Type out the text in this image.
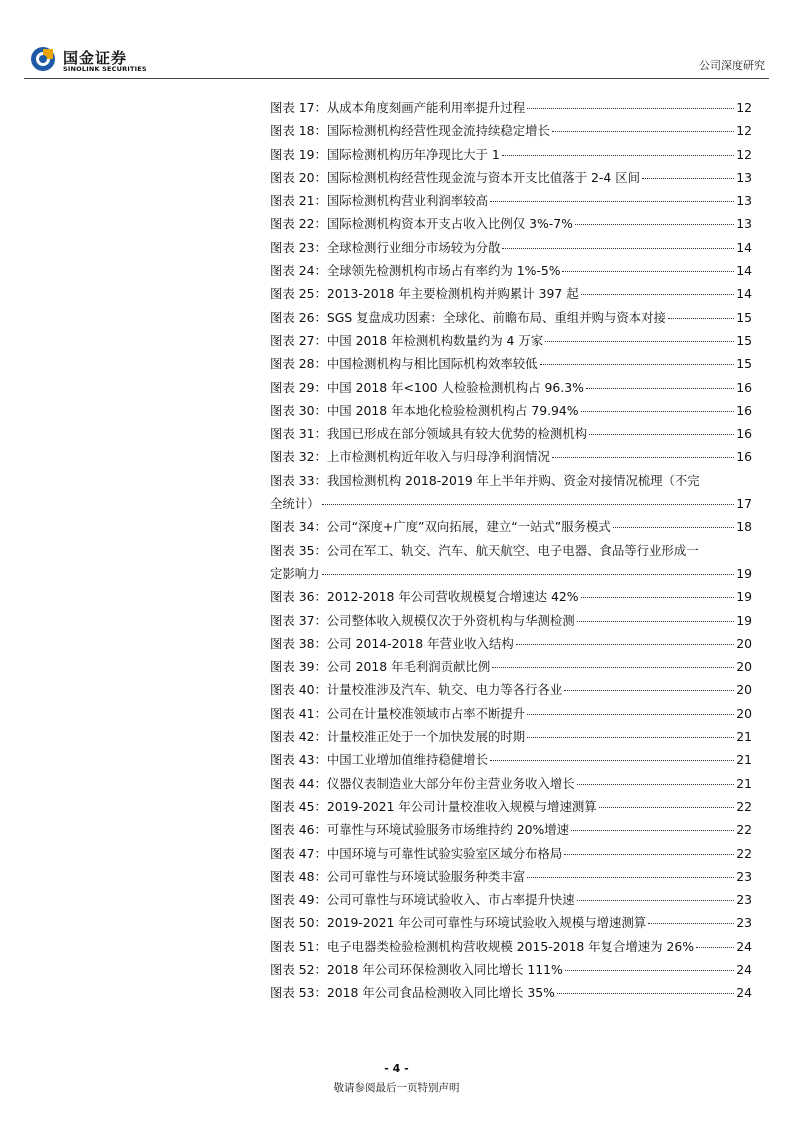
国金证券
SINOLINK SECURITIES	公司深度研究
图表 17： 从成本角度刻画产能利用率提升过程	12
图表 18： 国际检测机构经营性现金流持续稳定增长	12
图表 19： 国际检测机构历年净现比大于 1	12
图表 20： 国际检测机构经营性现金流与资本开支比值落于 2-4 区间	13
图表 21： 国际检测机构营业利润率较高	13
图表 22： 国际检测机构资本开支占收入比例仅 3%-7%	13
图表 23： 全球检测行业细分市场较为分散	14
图表 24： 全球领先检测机构市场占有率约为 1%-5%	14
图表 25： 2013-2018 年主要检测机构并购累计 397 起	14
图表 26： SGS 复盘成功因素：全球化、前瞻布局、重组并购与资本对接	15
图表 27： 中国 2018 年检测机构数量约为 4 万家	15
图表 28： 中国检测机构与相比国际机构效率较低	15
图表 29： 中国 2018 年<100 人检验检测机构占 96.3%	16
图表 30： 中国 2018 年本地化检验检测机构占 79.94%	16
图表 31： 我国已形成在部分领域具有较大优势的检测机构	16
图表 32： 上市检测机构近年收入与归母净利润情况	16
图表 33：我国检测机构 2018-2019 年上半年并购、资金对接情况梳理（不完
全统计）	17
图表 34： 公司“深度+广度”双向拓展，建立“一站式”服务模式	18
图表 35：公司在军工、轨交、汽车、航天航空、电子电器、食品等行业形成一
定影响力	19
图表 36： 2012-2018 年公司营收规模复合增速达 42%	19
图表 37： 公司整体收入规模仅次于外资机构与华测检测	19
图表 38： 公司 2014-2018 年营业收入结构	20
图表 39： 公司 2018 年毛利润贡献比例	20
图表 40： 计量校准涉及汽车、轨交、电力等各行各业	20
图表 41： 公司在计量校准领域市占率不断提升	20
图表 42： 计量校准正处于一个加快发展的时期	21
图表 43： 中国工业增加值维持稳健增长	21
图表 44： 仪器仪表制造业大部分年份主营业务收入增长	21
图表 45： 2019-2021 年公司计量校准收入规模与增速测算	22
图表 46： 可靠性与环境试验服务市场维持约 20%增速	22
图表 47： 中国环境与可靠性试验实验室区域分布格局	22
图表 48： 公司可靠性与环境试验服务种类丰富	23
图表 49： 公司可靠性与环境试验收入、市占率提升快速	23
图表 50： 2019-2021 年公司可靠性与环境试验收入规模与增速测算	23
图表 51： 电子电器类检验检测机构营收规模 2015-2018 年复合增速为 26%	24
图表 52： 2018 年公司环保检测收入同比增长 111%	24
图表 53： 2018 年公司食品检测收入同比增长 35%	24
- 4 -
敬请参阅最后一页特别声明
